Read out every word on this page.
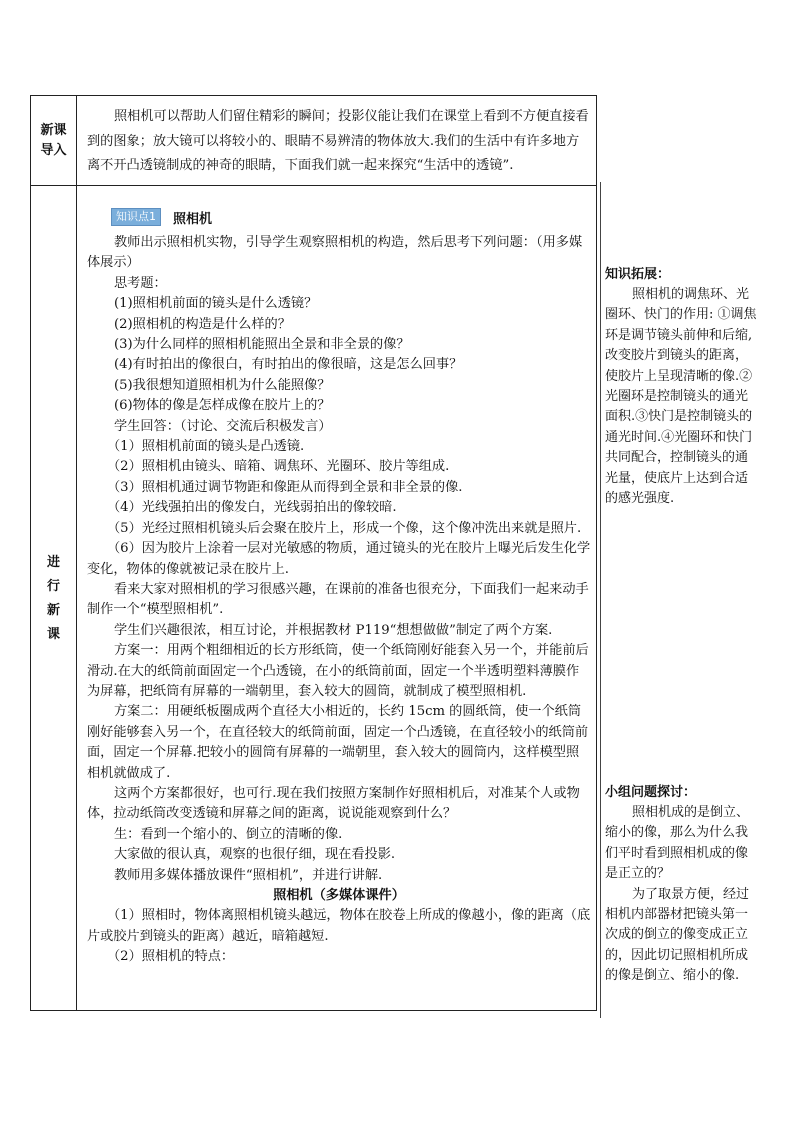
新课导入
照相机可以帮助人们留住精彩的瞬间；投影仪能让我们在课堂上看到不方便直接看到的图象；放大镜可以将较小的、眼睛不易辨清的物体放大.我们的生活中有许多地方离不开凸透镜制成的神奇的眼睛，下面我们就一起来探究“生活中的透镜”.
进行新课
知识点1	照相机

教师出示照相机实物，引导学生观察照相机的构造，然后思考下列问题：（用多媒体展示）

思考题：

(1)照相机前面的镜头是什么透镜？

(2)照相机的构造是什么样的？

(3)为什么同样的照相机能照出全景和非全景的像？

(4)有时拍出的像很白，有时拍出的像很暗，这是怎么回事？

(5)我很想知道照相机为什么能照像？

(6)物体的像是怎样成像在胶片上的？

学生回答：（讨论、交流后积极发言）

（1）照相机前面的镜头是凸透镜.

（2）照相机由镜头、暗箱、调焦环、光圈环、胶片等组成.

（3）照相机通过调节物距和像距从而得到全景和非全景的像.

（4）光线强拍出的像发白，光线弱拍出的像较暗.

（5）光经过照相机镜头后会聚在胶片上，形成一个像，这个像冲洗出来就是照片.

（6）因为胶片上涂着一层对光敏感的物质，通过镜头的光在胶片上曝光后发生化学变化，物体的像就被记录在胶片上.

看来大家对照相机的学习很感兴趣，在课前的准备也很充分，下面我们一起来动手制作一个“模型照相机”.

学生们兴趣很浓，相互讨论，并根据教材 P119“想想做做”制定了两个方案.

方案一：用两个粗细相近的长方形纸筒，使一个纸筒刚好能套入另一个，并能前后滑动.在大的纸筒前面固定一个凸透镜，在小的纸筒前面，固定一个半透明塑料薄膜作为屏幕，把纸筒有屏幕的一端朝里，套入较大的圆筒，就制成了模型照相机.

方案二：用硬纸板圈成两个直径大小相近的，长约 15cm 的圆纸筒，使一个纸筒刚好能够套入另一个，在直径较大的纸筒前面，固定一个凸透镜，在直径较小的纸筒前面，固定一个屏幕.把较小的圆筒有屏幕的一端朝里，套入较大的圆筒内，这样模型照相机就做成了.

这两个方案都很好，也可行.现在我们按照方案制作好照相机后，对准某个人或物体，拉动纸筒改变透镜和屏幕之间的距离，说说能观察到什么？

生：看到一个缩小的、倒立的清晰的像.

大家做的很认真，观察的也很仔细，现在看投影.

教师用多媒体播放课件“照相机”，并进行讲解.

照相机（多媒体课件）

（1）照相时，物体离照相机镜头越远，物体在胶卷上所成的像越小，像的距离（底片或胶片到镜头的距离）越近，暗箱越短.

（2）照相机的特点：

知识拓展：

照相机的调焦环、光圈环、快门的作用: ①调焦环是调节镜头前伸和后缩,改变胶片到镜头的距离，使胶片上呈现清晰的像.②光圈环是控制镜头的通光面积.③快门是控制镜头的通光时间.④光圈环和快门共同配合，控制镜头的通光量，使底片上达到合适的感光强度.

小组问题探讨：

照相机成的是倒立、缩小的像，那么为什么我们平时看到照相机成的像是正立的？

为了取景方便，经过相机内部器材把镜头第一次成的倒立的像变成正立的，因此切记照相机所成的像是倒立、缩小的像.
